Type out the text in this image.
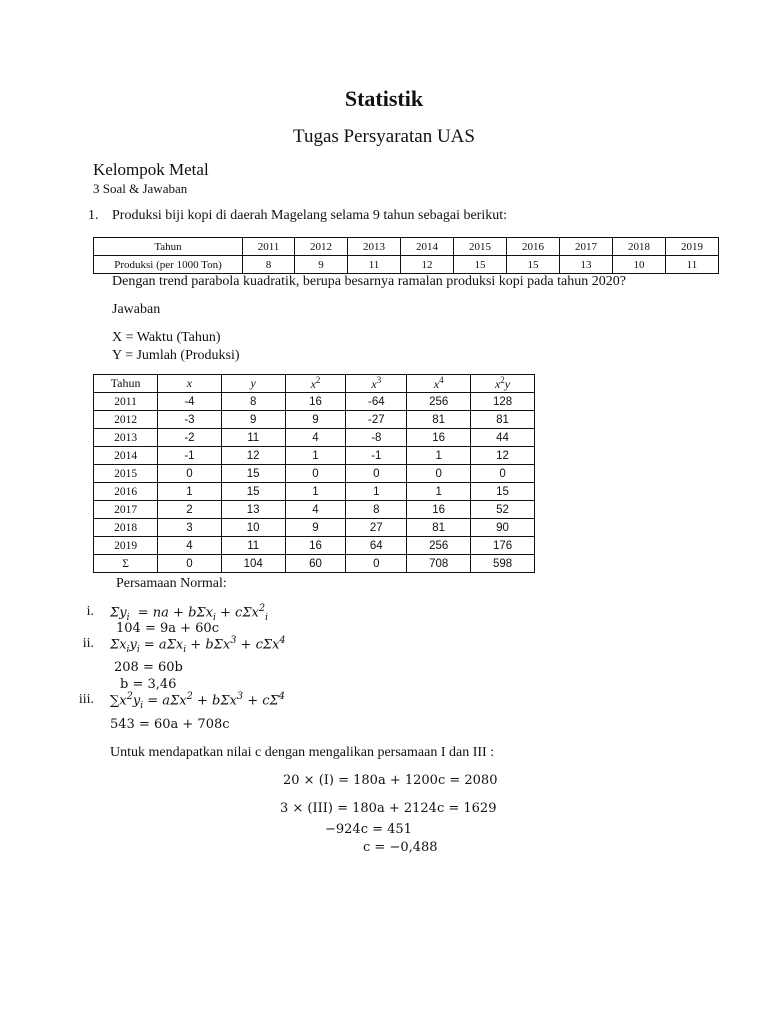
Statistik
Tugas Persyaratan UAS
Kelompok Metal
3 Soal & Jawaban
1. Produksi biji kopi di daerah Magelang selama 9 tahun sebagai berikut:
Tahun	2011	2012	2013	2014	2015	2016	2017	2018	2019
Produksi (per 1000 Ton)	8	9	11	12	15	15	13	10	11
Dengan trend parabola kuadratik, berupa besarnya ramalan produksi kopi pada tahun 2020?
Jawaban
X = Waktu (Tahun)
Y = Jumlah (Produksi)
Tahun	x	y	$x^2$	$x^3$	$x^4$	$x^2y$
2011	-4	8	16	-64	256	128
2012	-3	9	9	-27	81	81
2013	-2	11	4	-8	16	44
2014	-1	12	1	-1	1	12
2015	0	15	0	0	0	0
2016	1	15	1	1	1	15
2017	2	13	4	8	16	52
2018	3	10	9	27	81	90
2019	4	11	16	64	256	176
Σ	0	104	60	0	708	598
Persamaan Normal:
i. $\Sigma y_i$  = na + bΣx$_i$ + cΣx$^2_i$
104 = 9a + 60c
ii. $\Sigma x_iy_i = a\Sigma x_i + b\Sigma x^3 + c\Sigma x^4$
208 = 60b
b = 3,46
iii. $\sum x^2y_i = a\Sigma x^2 + b\Sigma x^3 + c\Sigma^4$
543 = 60a + 708c
Untuk mendapatkan nilai c dengan mengalikan persamaan I dan III :
20 × (I) = 180a + 1200c = 2080
3 × (III) = 180a + 2124c = 1629
−924c = 451
c = −0,488
